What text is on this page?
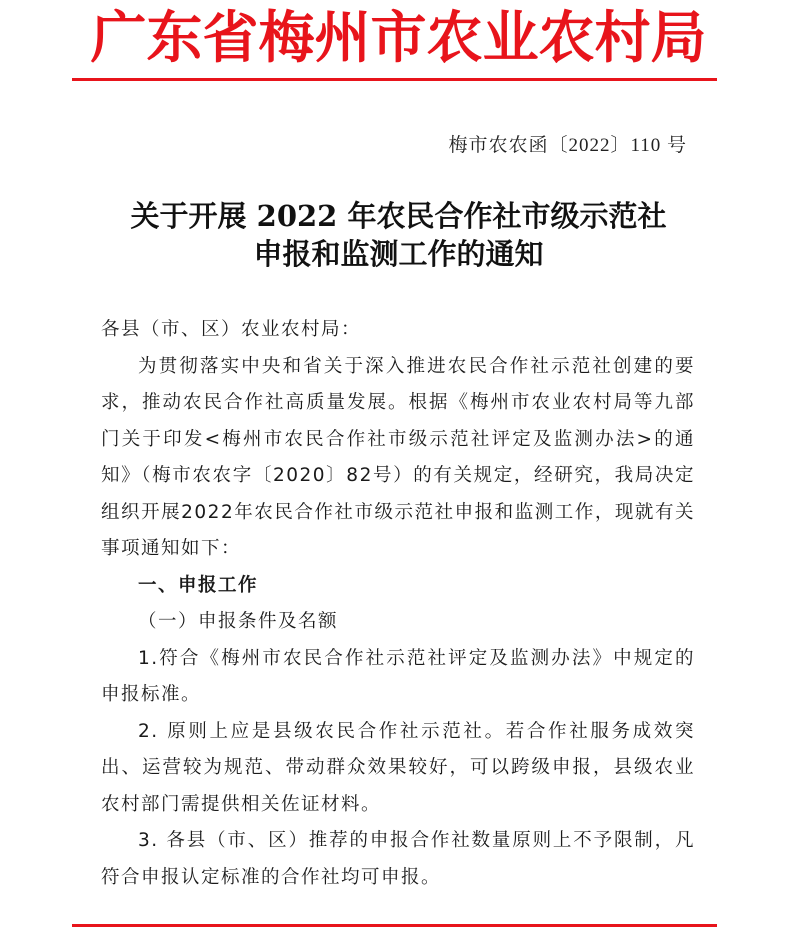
广东省梅州市农业农村局
梅市农农函〔2022〕110 号
关于开展 2022 年农民合作社市级示范社
申报和监测工作的通知

各县（市、区）农业农村局：

为贯彻落实中央和省关于深入推进农民合作社示范社创建的要求，推动农民合作社高质量发展。根据《梅州市农业农村局等九部门关于印发<梅州市农民合作社市级示范社评定及监测办法>的通知》（梅市农农字〔2020〕82号）的有关规定，经研究，我局决定组织开展2022年农民合作社市级示范社申报和监测工作，现就有关事项通知如下：

一、申报工作

（一）申报条件及名额

1.符合《梅州市农民合作社示范社评定及监测办法》中规定的申报标准。

2. 原则上应是县级农民合作社示范社。若合作社服务成效突出、运营较为规范、带动群众效果较好，可以跨级申报，县级农业农村部门需提供相关佐证材料。

3. 各县（市、区）推荐的申报合作社数量原则上不予限制，凡符合申报认定标准的合作社均可申报。
